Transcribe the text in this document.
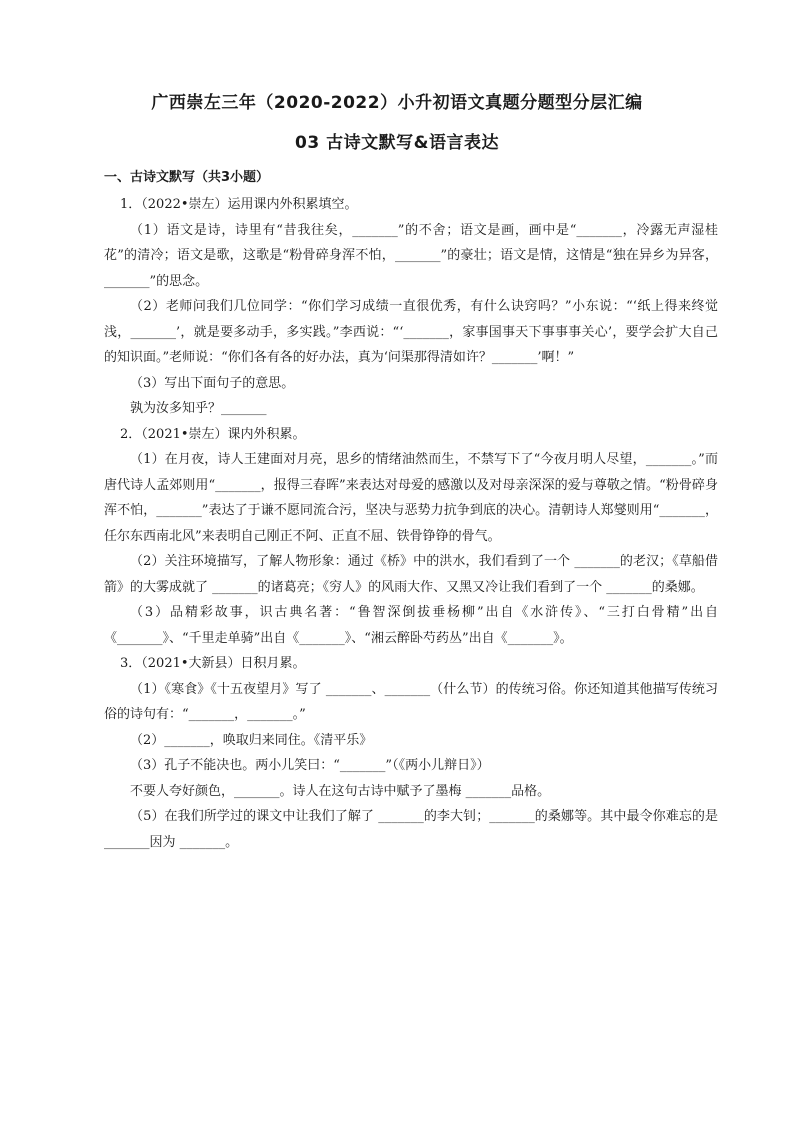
广西崇左三年（2020-2022）小升初语文真题分题型分层汇编
03 古诗文默写&语言表达
一、古诗文默写（共3小题）

1．（2022•崇左）运用课内外积累填空。

（1）语文是诗，诗里有“昔我往矣，_______”的不舍；语文是画，画中是“_______，冷露无声湿桂花”的清冷；语文是歌，这歌是“粉骨碎身浑不怕，_______”的豪壮；语文是情，这情是“独在异乡为异客，_______”的思念。

（2）老师问我们几位同学：“你们学习成绩一直很优秀，有什么诀窍吗？”小东说：“‘纸上得来终觉浅，_______’，就是要多动手，多实践。”李西说：“‘_______，家事国事天下事事事关心’，要学会扩大自己的知识面。”老师说：“你们各有各的好办法，真为‘问渠那得清如许？_______’啊！”

（3）写出下面句子的意思。

孰为汝多知乎？_______

2．（2021•崇左）课内外积累。

（1）在月夜，诗人王建面对月亮，思乡的情绪油然而生，不禁写下了“今夜月明人尽望，_______。”而唐代诗人孟郊则用“_______，报得三春晖”来表达对母爱的感激以及对母亲深深的爱与尊敬之情。“粉骨碎身浑不怕，_______”表达了于谦不愿同流合污，坚决与恶势力抗争到底的决心。清朝诗人郑燮则用“_______，任尔东西南北风”来表明自己刚正不阿、正直不屈、铁骨铮铮的骨气。

（2）关注环境描写，了解人物形象：通过《桥》中的洪水，我们看到了一个 _______的老汉；《草船借箭》的大雾成就了 _______的诸葛亮；《穷人》的风雨大作、又黑又冷让我们看到了一个 _______的桑娜。

（3）品精彩故事，识古典名著：“鲁智深倒拔垂杨柳”出自《水浒传》、“三打白骨精”出自《_______》、“千里走单骑”出自《_______》、“湘云醉卧芍药丛”出自《_______》。

3．（2021•大新县）日积月累。

（1）《寒食》《十五夜望月》写了 _______、_______（什么节）的传统习俗。你还知道其他描写传统习俗的诗句有：“_______，_______。”

（2）_______，唤取归来同住。《清平乐》

（3）孔子不能决也。两小儿笑曰：“_______”（《两小儿辩日》）

不要人夸好颜色，_______。诗人在这句古诗中赋予了墨梅 _______品格。

（5）在我们所学过的课文中让我们了解了 _______的李大钊；_______的桑娜等。其中最令你难忘的是 _______因为 _______。
